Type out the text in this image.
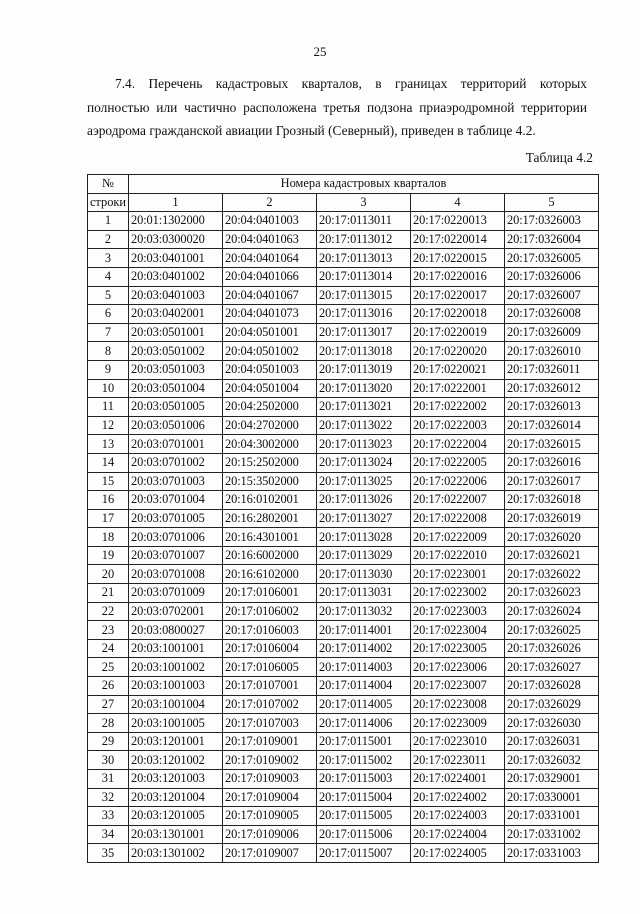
25
7.4. Перечень кадастровых кварталов, в границах территорий которых
полностью или частично расположена третья подзона приаэродромной территории
аэродрома гражданской авиации Грозный (Северный), приведен в таблице 4.2.
Таблица 4.2
№	Номера кадастровых кварталов				
строки	1	2	3	4	5
1	20:01:1302000	20:04:0401003	20:17:0113011	20:17:0220013	20:17:0326003
2	20:03:0300020	20:04:0401063	20:17:0113012	20:17:0220014	20:17:0326004
3	20:03:0401001	20:04:0401064	20:17:0113013	20:17:0220015	20:17:0326005
4	20:03:0401002	20:04:0401066	20:17:0113014	20:17:0220016	20:17:0326006
5	20:03:0401003	20:04:0401067	20:17:0113015	20:17:0220017	20:17:0326007
6	20:03:0402001	20:04:0401073	20:17:0113016	20:17:0220018	20:17:0326008
7	20:03:0501001	20:04:0501001	20:17:0113017	20:17:0220019	20:17:0326009
8	20:03:0501002	20:04:0501002	20:17:0113018	20:17:0220020	20:17:0326010
9	20:03:0501003	20:04:0501003	20:17:0113019	20:17:0220021	20:17:0326011
10	20:03:0501004	20:04:0501004	20:17:0113020	20:17:0222001	20:17:0326012
11	20:03:0501005	20:04:2502000	20:17:0113021	20:17:0222002	20:17:0326013
12	20:03:0501006	20:04:2702000	20:17:0113022	20:17:0222003	20:17:0326014
13	20:03:0701001	20:04:3002000	20:17:0113023	20:17:0222004	20:17:0326015
14	20:03:0701002	20:15:2502000	20:17:0113024	20:17:0222005	20:17:0326016
15	20:03:0701003	20:15:3502000	20:17:0113025	20:17:0222006	20:17:0326017
16	20:03:0701004	20:16:0102001	20:17:0113026	20:17:0222007	20:17:0326018
17	20:03:0701005	20:16:2802001	20:17:0113027	20:17:0222008	20:17:0326019
18	20:03:0701006	20:16:4301001	20:17:0113028	20:17:0222009	20:17:0326020
19	20:03:0701007	20:16:6002000	20:17:0113029	20:17:0222010	20:17:0326021
20	20:03:0701008	20:16:6102000	20:17:0113030	20:17:0223001	20:17:0326022
21	20:03:0701009	20:17:0106001	20:17:0113031	20:17:0223002	20:17:0326023
22	20:03:0702001	20:17:0106002	20:17:0113032	20:17:0223003	20:17:0326024
23	20:03:0800027	20:17:0106003	20:17:0114001	20:17:0223004	20:17:0326025
24	20:03:1001001	20:17:0106004	20:17:0114002	20:17:0223005	20:17:0326026
25	20:03:1001002	20:17:0106005	20:17:0114003	20:17:0223006	20:17:0326027
26	20:03:1001003	20:17:0107001	20:17:0114004	20:17:0223007	20:17:0326028
27	20:03:1001004	20:17:0107002	20:17:0114005	20:17:0223008	20:17:0326029
28	20:03:1001005	20:17:0107003	20:17:0114006	20:17:0223009	20:17:0326030
29	20:03:1201001	20:17:0109001	20:17:0115001	20:17:0223010	20:17:0326031
30	20:03:1201002	20:17:0109002	20:17:0115002	20:17:0223011	20:17:0326032
31	20:03:1201003	20:17:0109003	20:17:0115003	20:17:0224001	20:17:0329001
32	20:03:1201004	20:17:0109004	20:17:0115004	20:17:0224002	20:17:0330001
33	20:03:1201005	20:17:0109005	20:17:0115005	20:17:0224003	20:17:0331001
34	20:03:1301001	20:17:0109006	20:17:0115006	20:17:0224004	20:17:0331002
35	20:03:1301002	20:17:0109007	20:17:0115007	20:17:0224005	20:17:0331003
